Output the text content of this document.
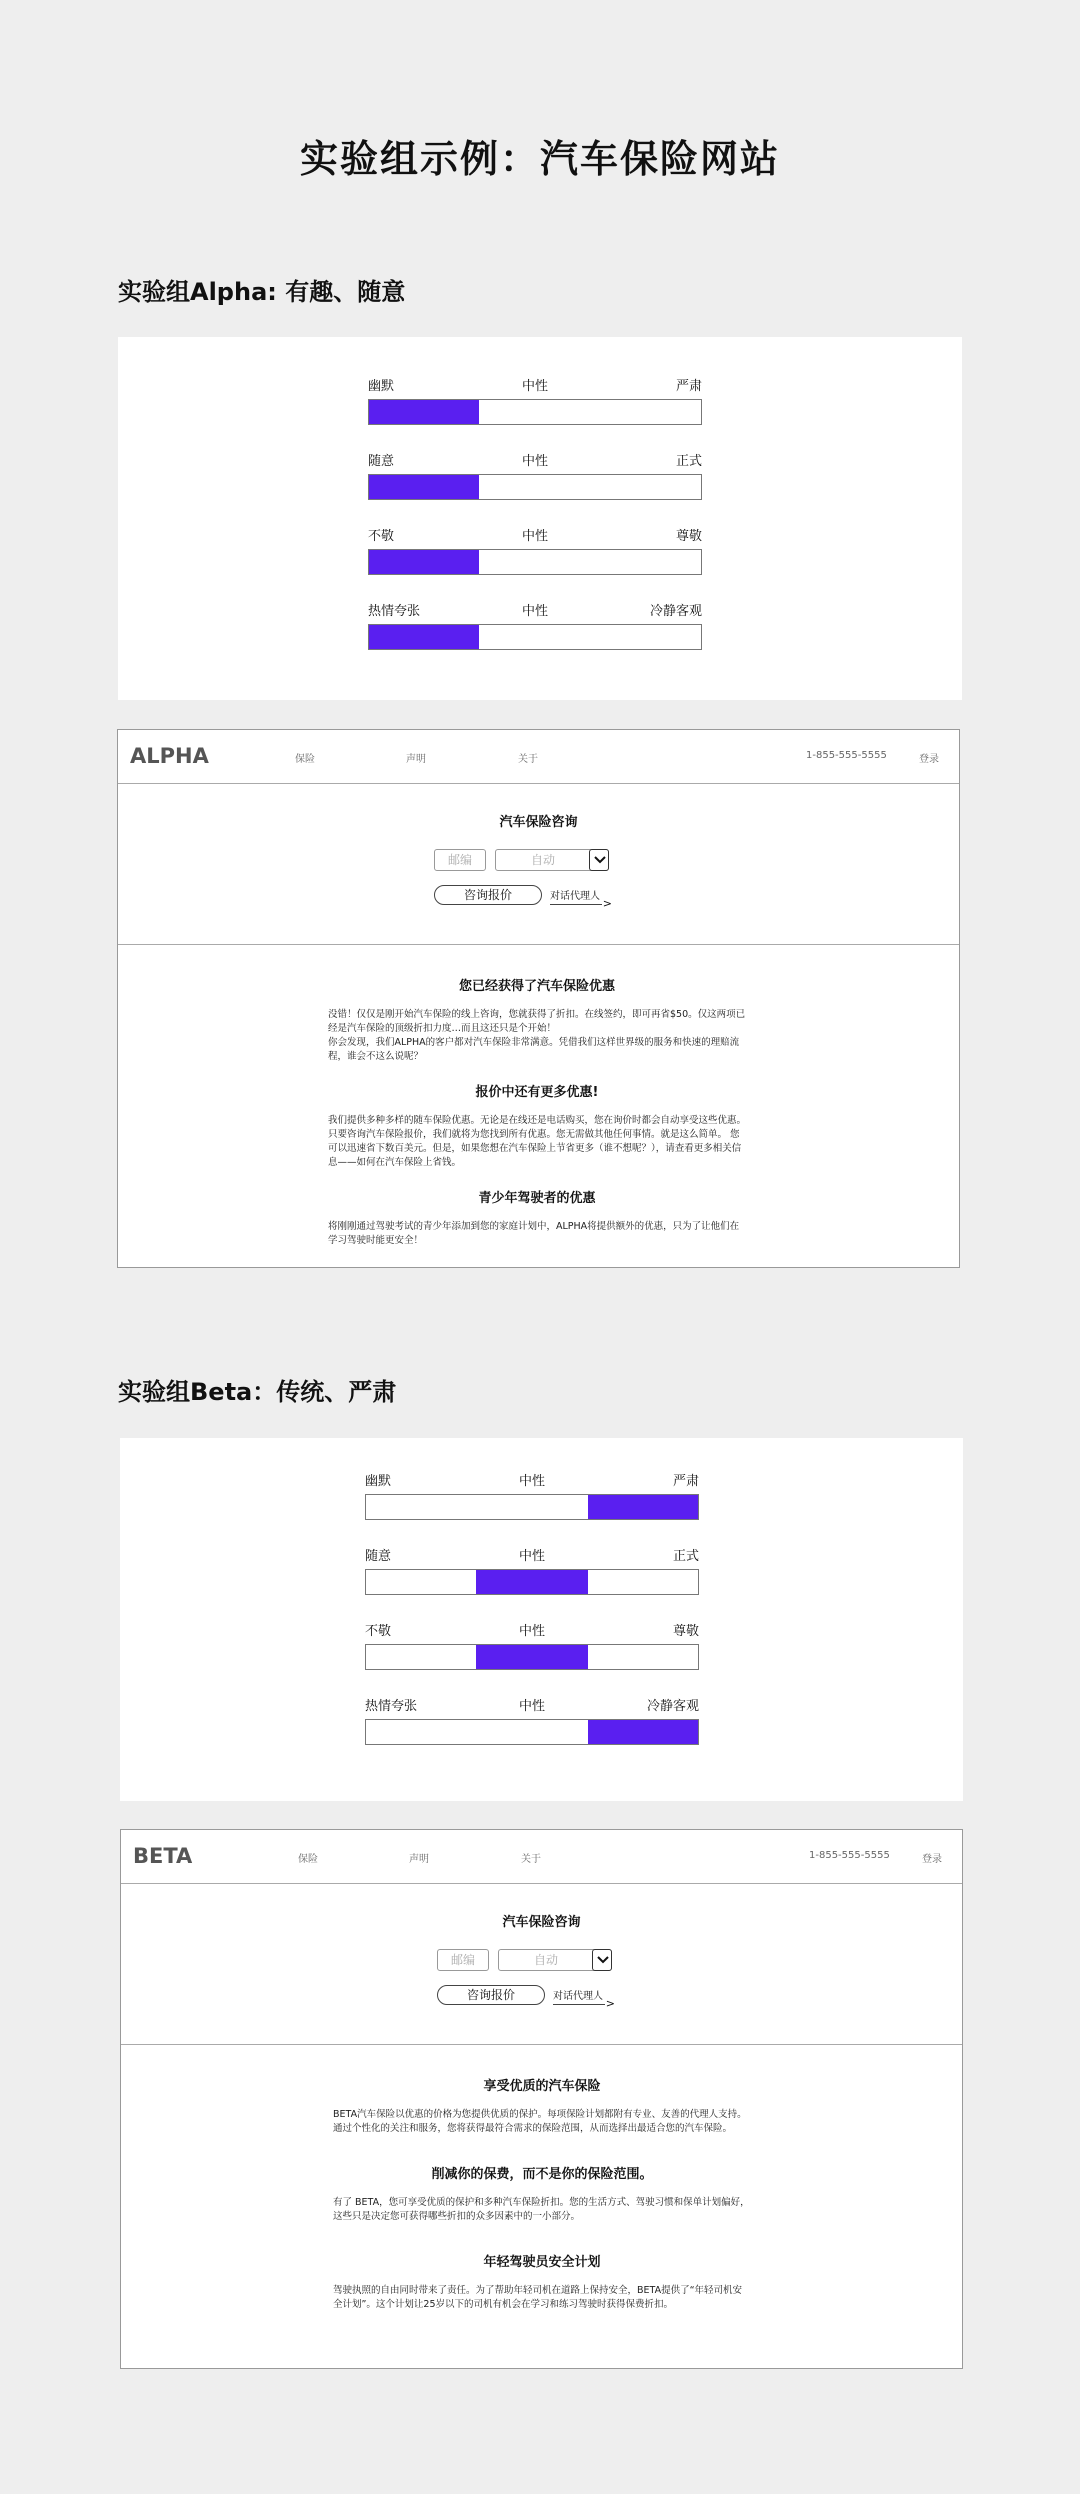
实验组示例：汽车保险网站
实验组Alpha: 有趣、随意
幽默	中性	严肃
随意	中性	正式
不敬	中性	尊敬
热情夸张	中性	冷静客观
ALPHA	保险	声明	关于	1-855-555-5555	登录
汽车保险咨询
邮编	自动
咨询报价	对话代理人
>
您已经获得了汽车保险优惠
没错！仅仅是刚开始汽车保险的线上咨询，您就获得了折扣。在线签约，即可再省$50。仅这两项已经是汽车保险的顶级折扣力度…而且这还只是个开始！
你会发现，我们ALPHA的客户都对汽车保险非常满意。凭借我们这样世界级的服务和快速的理赔流程，谁会不这么说呢？
报价中还有更多优惠!
我们提供多种多样的随车保险优惠。无论是在线还是电话购买，您在询价时都会自动享受这些优惠。只要咨询汽车保险报价，我们就将为您找到所有优惠。您无需做其他任何事情。就是这么简单。 您可以迅速省下数百美元。但是，如果您想在汽车保险上节省更多（谁不想呢？），请查看更多相关信息——如何在汽车保险上省钱。
青少年驾驶者的优惠
将刚刚通过驾驶考试的青少年添加到您的家庭计划中，ALPHA将提供额外的优惠，只为了让他们在学习驾驶时能更安全！
实验组Beta：传统、严肃
幽默	中性	严肃
随意	中性	正式
不敬	中性	尊敬
热情夸张	中性	冷静客观
BETA	保险	声明	关于	1-855-555-5555	登录
汽车保险咨询
邮编	自动
咨询报价	对话代理人
>
享受优质的汽车保险
BETA汽车保险以优惠的价格为您提供优质的保护。每项保险计划都附有专业、友善的代理人支持。通过个性化的关注和服务，您将获得最符合需求的保险范围，从而选择出最适合您的汽车保险。
削减你的保费，而不是你的保险范围。
有了 BETA，您可享受优质的保护和多种汽车保险折扣。您的生活方式、驾驶习惯和保单计划偏好，这些只是决定您可获得哪些折扣的众多因素中的一小部分。
年轻驾驶员安全计划
驾驶执照的自由同时带来了责任。为了帮助年轻司机在道路上保持安全，BETA提供了“年轻司机安全计划”。这个计划让25岁以下的司机有机会在学习和练习驾驶时获得保费折扣。
